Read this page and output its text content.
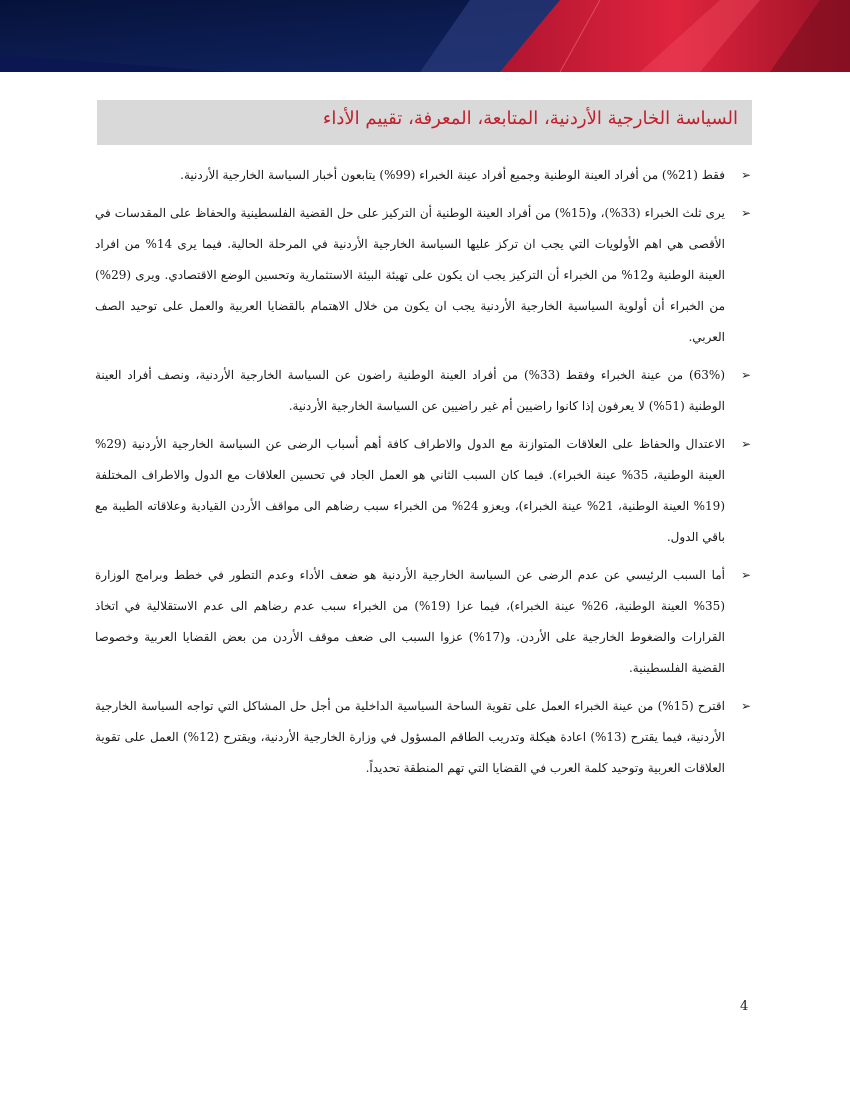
السياسة الخارجية الأردنية، المتابعة، المعرفة، تقييم الأداء

➢
فقط (21%) من أفراد العينة الوطنية وجميع أفراد عينة الخبراء (99%) يتابعون أخبار السياسة الخارجية الأردنية.

➢
يرى ثلث الخبراء (33%)، و(15%) من أفراد العينة الوطنية أن التركيز على حل القضية الفلسطينية والحفاظ على المقدسات في الأقصى هي اهم الأولويات التي يجب ان تركز عليها السياسة الخارجية الأردنية في المرحلة الحالية. فيما يرى 14% من افراد العينة الوطنية و12% من الخبراء أن التركيز يجب ان يكون على تهيئة البيئة الاستثمارية وتحسين الوضع الاقتصادي. ويرى (29%) من الخبراء أن أولوية السياسية الخارجية الأردنية يجب ان يكون من خلال الاهتمام بالقضايا العربية والعمل على توحيد الصف العربي.

➢
(63%) من عينة الخبراء وفقط (33%) من أفراد العينة الوطنية راضون عن السياسة الخارجية الأردنية، ونصف أفراد العينة الوطنية (51%) لا يعرفون إذا كانوا راضيين أم غير راضيين عن السياسة الخارجية الأردنية.

➢
الاعتدال والحفاظ على العلاقات المتوازنة مع الدول والاطراف كافة أهم أسباب الرضى عن السياسة الخارجية الأردنية (29% العينة الوطنية، 35% عينة الخبراء). فيما كان السبب الثاني هو العمل الجاد في تحسين العلاقات مع الدول والاطراف المختلفة (19% العينة الوطنية، 21% عينة الخبراء)، ويعزو 24% من الخبراء سبب رضاهم الى مواقف الأردن القيادية وعلاقاته الطيبة مع باقي الدول.

➢
أما السبب الرئيسي عن عدم الرضى عن السياسة الخارجية الأردنية هو ضعف الأداء وعدم التطور في خطط وبرامج الوزارة (35% العينة الوطنية، 26% عينة الخبراء)، فيما عزا (19%) من الخبراء سبب عدم رضاهم الى عدم الاستقلالية في اتخاذ القرارات والضغوط الخارجية على الأردن. و(17%) عزوا السبب الى ضعف موقف الأردن من بعض القضايا العربية وخصوصا القضية الفلسطينية.

➢
اقترح (15%) من عينة الخبراء العمل على تقوية الساحة السياسية الداخلية من أجل حل المشاكل التي تواجه السياسة الخارجية الأردنية، فيما يقترح (13%) اعادة هيكلة وتدريب الطاقم المسؤول في وزارة الخارجية الأردنية، ويقترح (12%) العمل على تقوية العلاقات العربية وتوحيد كلمة العرب في القضايا التي تهم المنطقة تحديداً.

4
